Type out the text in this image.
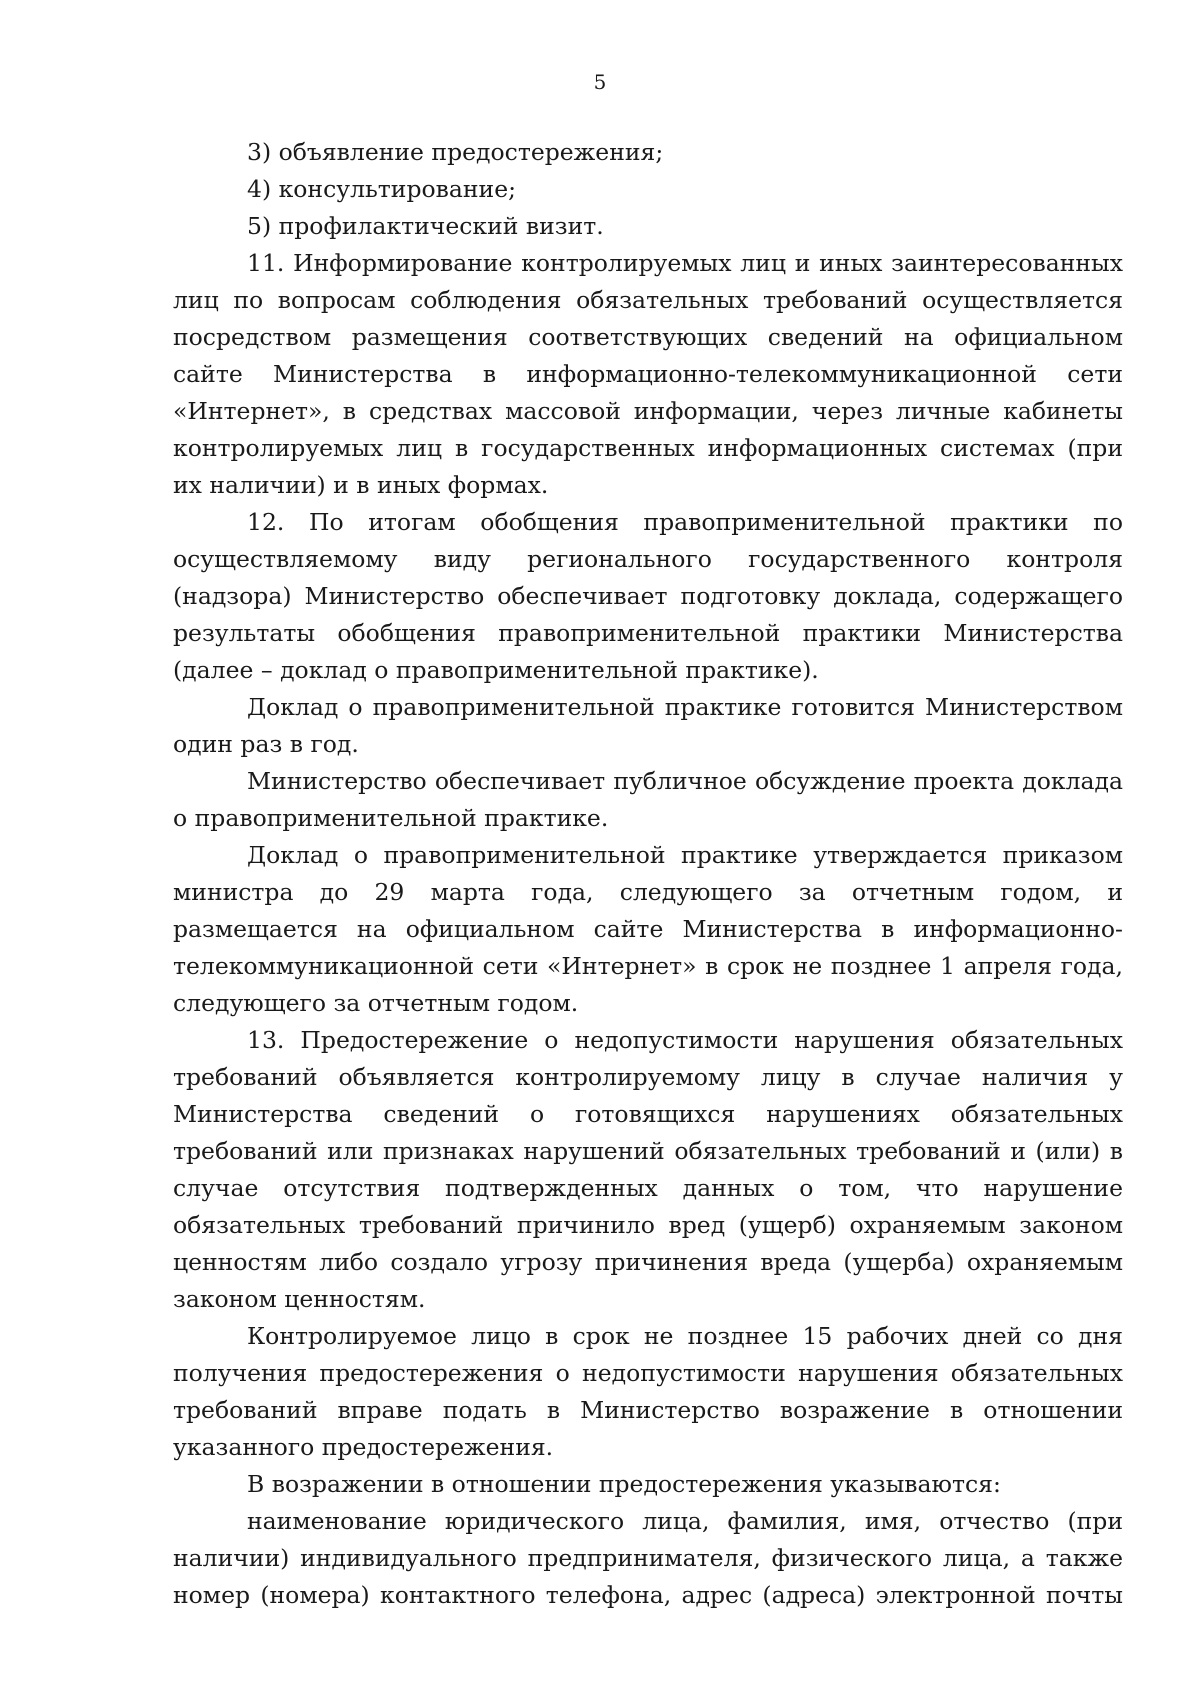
5

3) объявление предостережения;

4) консультирование;

5) профилактический визит.

11. Информирование контролируемых лиц и иных заинтересованных лиц по вопросам соблюдения обязательных требований осуществляется посредством размещения соответствующих сведений на официальном сайте Министерства в информационно-телекоммуникационной сети «Интернет», в средствах массовой информации, через личные кабинеты контролируемых лиц в государственных информационных системах (при их наличии) и в иных формах.

12. По итогам обобщения правоприменительной практики по осуществляемому виду регионального государственного контроля (надзора) Министерство обеспечивает подготовку доклада, содержащего результаты обобщения правоприменительной практики Министерства (далее – доклад о правоприменительной практике).

Доклад о правоприменительной практике готовится Министерством один раз в год.

Министерство обеспечивает публичное обсуждение проекта доклада о правоприменительной практике.

Доклад о правоприменительной практике утверждается приказом министра до 29 марта года, следующего за отчетным годом, и размещается на официальном сайте Министерства в информационно-телекоммуникационной сети «Интернет» в срок не позднее 1 апреля года, следующего за отчетным годом.

13. Предостережение о недопустимости нарушения обязательных требований объявляется контролируемому лицу в случае наличия у Министерства сведений о готовящихся нарушениях обязательных требований или признаках нарушений обязательных требований и (или) в случае отсутствия подтвержденных данных о том, что нарушение обязательных требований причинило вред (ущерб) охраняемым законом ценностям либо создало угрозу причинения вреда (ущерба) охраняемым законом ценностям.

Контролируемое лицо в срок не позднее 15 рабочих дней со дня получения предостережения о недопустимости нарушения обязательных требований вправе подать в Министерство возражение в отношении указанного предостережения.

В возражении в отношении предостережения указываются:

наименование юридического лица, фамилия, имя, отчество (при наличии) индивидуального предпринимателя, физического лица, а также номер (номера) контактного телефона, адрес (адреса) электронной почты
